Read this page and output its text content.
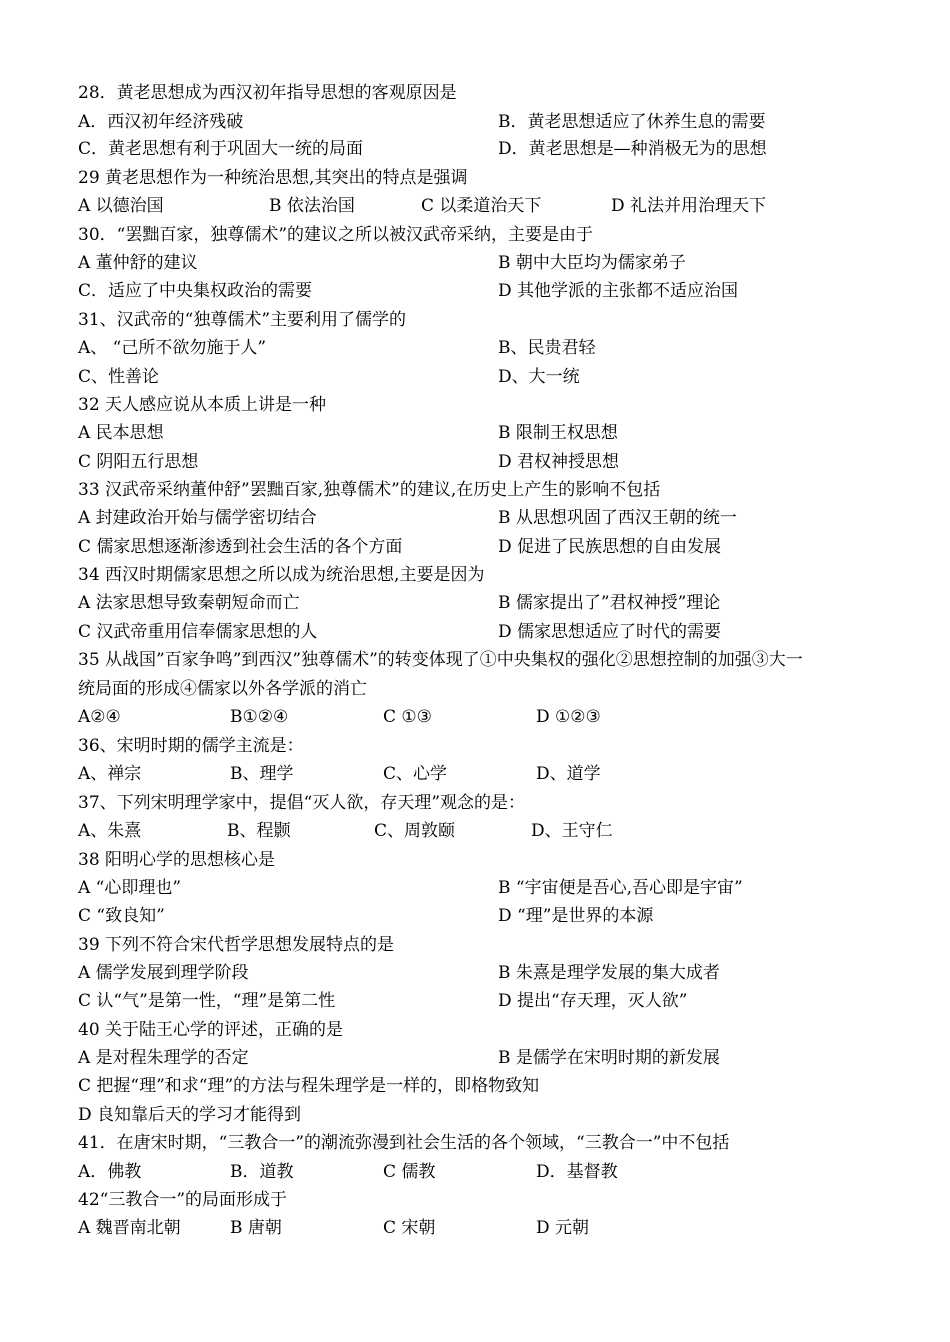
28．黄老思想成为西汉初年指导思想的客观原因是
A．西汉初年经济残破	B．黄老思想适应了休养生息的需要
C．黄老思想有利于巩固大一统的局面	D．黄老思想是—种消极无为的思想
29 黄老思想作为一种统治思想,其突出的特点是强调
A 以德治国	B 依法治国	C 以柔道治天下	D 礼法并用治理天下
30．“罢黜百家，独尊儒术”的建议之所以被汉武帝采纳，主要是由于
A 董仲舒的建议	B 朝中大臣均为儒家弟子
C．适应了中央集权政治的需要	D 其他学派的主张都不适应治国
31、汉武帝的“独尊儒术”主要利用了儒学的
A、 “己所不欲勿施于人”	B、民贵君轻
C、性善论	D、大一统
32 天人感应说从本质上讲是一种
A 民本思想	B 限制王权思想
C 阴阳五行思想	D 君权神授思想
33 汉武帝采纳董仲舒”罢黜百家,独尊儒术”的建议,在历史上产生的影响不包括
A 封建政治开始与儒学密切结合	B 从思想巩固了西汉王朝的统一
C 儒家思想逐渐渗透到社会生活的各个方面	D 促进了民族思想的自由发展
34 西汉时期儒家思想之所以成为统治思想,主要是因为
A 法家思想导致秦朝短命而亡	B 儒家提出了”君权神授”理论
C 汉武帝重用信奉儒家思想的人	D 儒家思想适应了时代的需要
35 从战国”百家争鸣”到西汉”独尊儒术”的转变体现了①中央集权的强化②思想控制的加强③大一
统局面的形成④儒家以外各学派的消亡
A②④	B①②④	C ①③	D ①②③
36、宋明时期的儒学主流是：
A、禅宗	B、理学	C、心学	D、道学
37、下列宋明理学家中，提倡“灭人欲，存天理”观念的是：
A、朱熹	B、程颢	C、周敦颐	D、王守仁
38 阳明心学的思想核心是
A “心即理也”	B “宇宙便是吾心,吾心即是宇宙”
C “致良知”	D “理”是世界的本源
39 下列不符合宋代哲学思想发展特点的是
A 儒学发展到理学阶段	B 朱熹是理学发展的集大成者
C 认“气”是第一性，“理”是第二性	D 提出“存天理，灭人欲”
40 关于陆王心学的评述，正确的是
A 是对程朱理学的否定	B 是儒学在宋明时期的新发展
C 把握“理”和求“理”的方法与程朱理学是一样的，即格物致知
D 良知靠后天的学习才能得到
41．在唐宋时期，“三教合一”的潮流弥漫到社会生活的各个领域，“三教合一”中不包括
A．佛教	B．道教	C 儒教	D．基督教
42“三教合一”的局面形成于
A 魏晋南北朝	B 唐朝	C 宋朝	D 元朝
